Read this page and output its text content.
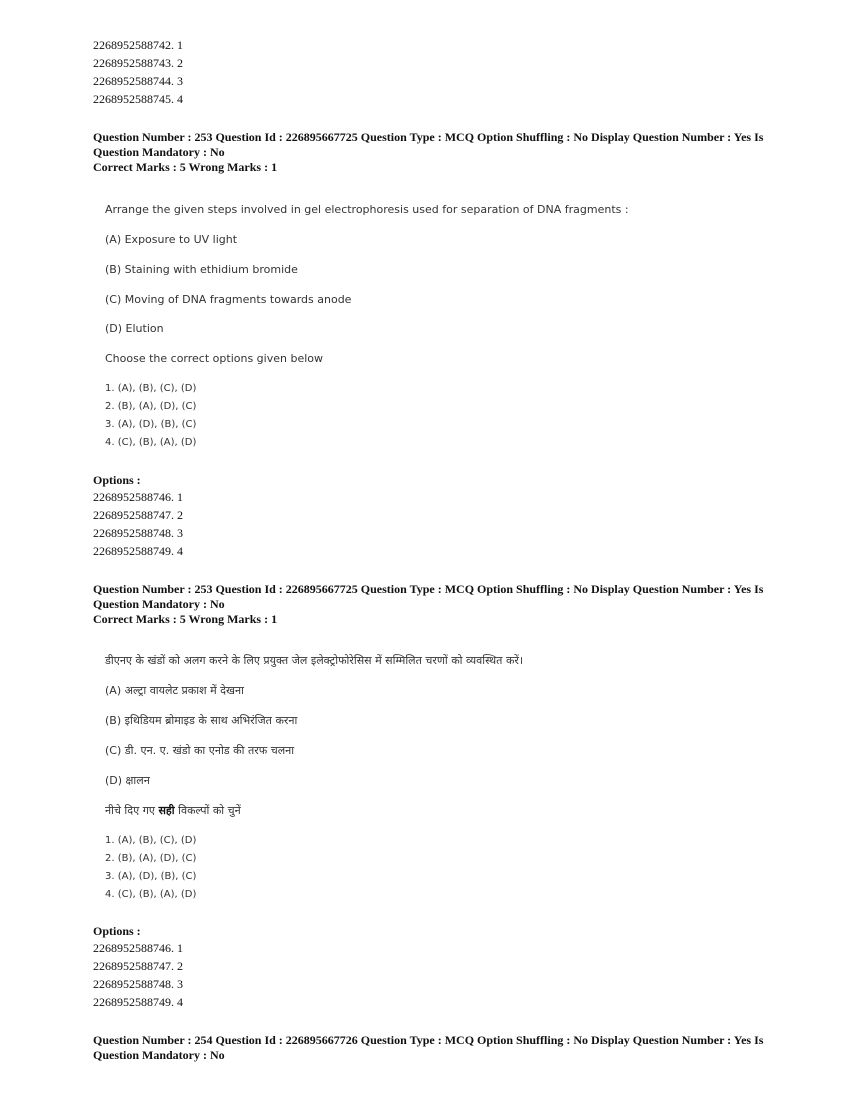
2268952588742. 1
2268952588743. 2
2268952588744. 3
2268952588745. 4
Question Number : 253 Question Id : 226895667725 Question Type : MCQ Option Shuffling : No Display Question Number : Yes Is
Question Mandatory : No
Correct Marks : 5 Wrong Marks : 1
Arrange the given steps involved in gel electrophoresis used for separation of DNA fragments :
(A) Exposure to UV light
(B) Staining with ethidium bromide
(C) Moving of DNA fragments towards anode
(D) Elution
Choose the correct options given below
1. (A), (B), (C), (D)
2. (B), (A), (D), (C)
3. (A), (D), (B), (C)
4. (C), (B), (A), (D)
Options :
2268952588746. 1
2268952588747. 2
2268952588748. 3
2268952588749. 4
Question Number : 253 Question Id : 226895667725 Question Type : MCQ Option Shuffling : No Display Question Number : Yes Is
Question Mandatory : No
Correct Marks : 5 Wrong Marks : 1
डीएनए के खंडों को अलग करने के लिए प्रयुक्त जेल इलेक्ट्रोफोरेसिस में सम्मिलित चरणों को व्यवस्थित करें।
(A) अल्ट्रा वायलेट प्रकाश में देखना
(B) इथिडियम ब्रोमाइड के साथ अभिरंजित करना
(C) डी. एन. ए. खंडो का एनोड की तरफ चलना
(D) क्षालन
नीचे दिए गए सही विकल्पों को चुनें
1. (A), (B), (C), (D)
2. (B), (A), (D), (C)
3. (A), (D), (B), (C)
4. (C), (B), (A), (D)
Options :
2268952588746. 1
2268952588747. 2
2268952588748. 3
2268952588749. 4
Question Number : 254 Question Id : 226895667726 Question Type : MCQ Option Shuffling : No Display Question Number : Yes Is
Question Mandatory : No
